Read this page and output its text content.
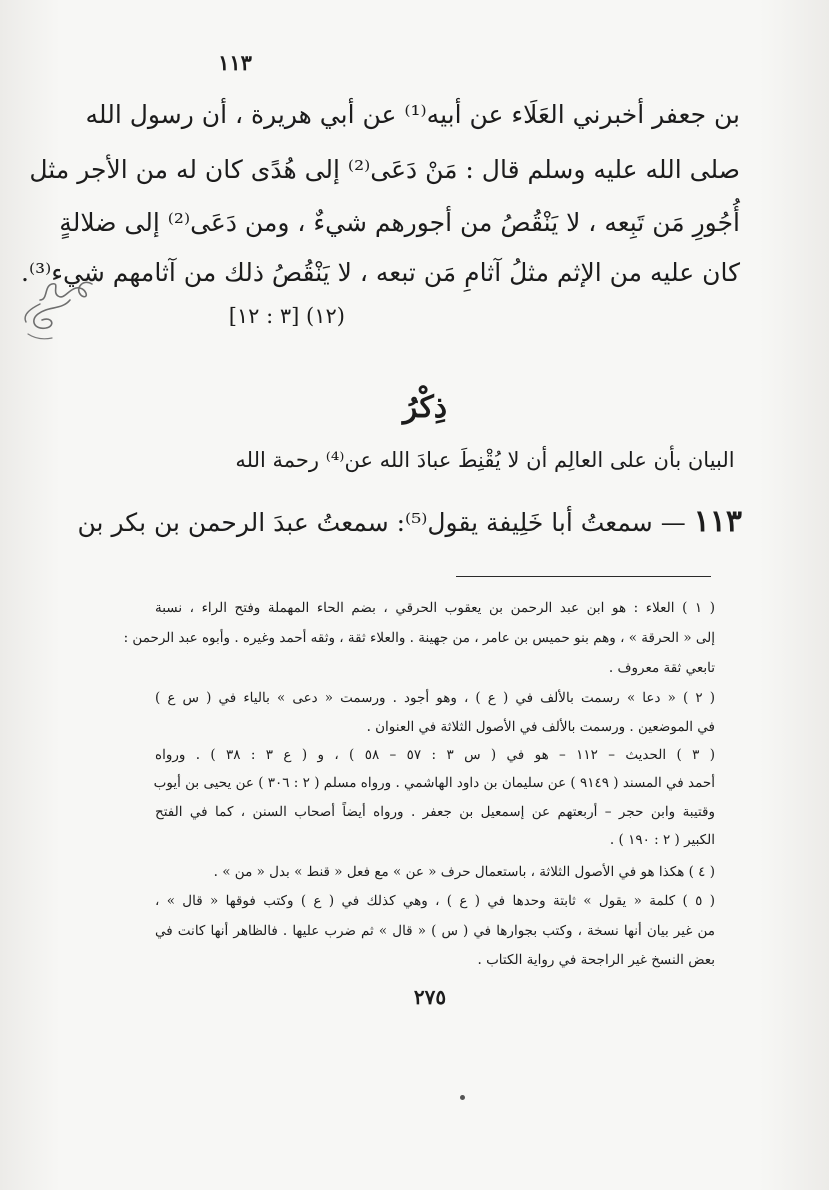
١١٣
بن جعفر أخبرني العَلَاء عن أبيه⁽¹⁾ عن أبي هريرة ، أن رسول الله
صلى الله عليه وسلم قال : مَنْ دَعَى⁽²⁾ إلى هُدًى كان له من الأجر مثل
أُجُورِ مَن تَبِعه ، لا يَنْقُصُ من أجورهم شيءٌ ، ومن دَعَى⁽²⁾ إلى ضلالةٍ
كان عليه من الإثم مثلُ آثامِ مَن تبعه ، لا يَنْقُصُ ذلك من آثامهم شيء⁽³⁾.
(١٢) [٣ : ١٢]
ذِكْرُ
البيان بأن على العالِم أن لا يُقْنِطَ عبادَ الله عن⁽⁴⁾ رحمة الله
١١٣ — سمعتُ أبا خَلِيفة يقول⁽⁵⁾: سمعتُ عبدَ الرحمن بن بكر بن
( ١ ) العلاء : هو ابن عبد الرحمن بن يعقوب الحرقي ، بضم الحاء المهملة وفتح الراء ، نسبة
إلى « الحرقة » ، وهم بنو حميس بن عامر ، من جهينة . والعلاء ثقة ، وثقه أحمد وغيره . وأبوه عبد الرحمن :
تابعي ثقة معروف .
( ٢ ) « دعا » رسمت بالألف في ( ع ) ، وهو أجود . ورسمت « دعى » بالياء في ( س ع )
في الموضعين . ورسمت بالألف في الأصول الثلاثة في العنوان .
( ٣ ) الحديث – ١١٢ – هو في ( س ٣ : ٥٧ – ٥٨ ) ، و ( ع ٣ : ٣٨ ) . ورواه
أحمد في المسند ( ٩١٤٩ ) عن سليمان بن داود الهاشمي . ورواه مسلم ( ٢ : ٣٠٦ ) عن يحيى بن أيوب
وقتيبة وابن حجر – أربعتهم عن إسمعيل بن جعفر . ورواه أيضاً أصحاب السنن ، كما في الفتح
الكبير ( ٢ : ١٩٠ ) .
( ٤ ) هكذا هو في الأصول الثلاثة ، باستعمال حرف « عن » مع فعل « قنط » بدل « من » .
( ٥ ) كلمة « يقول » ثابتة وحدها في ( ع ) ، وهي كذلك في ( ع ) وكتب فوقها « قال » ،
من غير بيان أنها نسخة ، وكتب بجوارها في ( س ) « قال » ثم ضرب عليها . فالظاهر أنها كانت في
بعض النسخ غير الراجحة في رواية الكتاب .
٢٧٥
